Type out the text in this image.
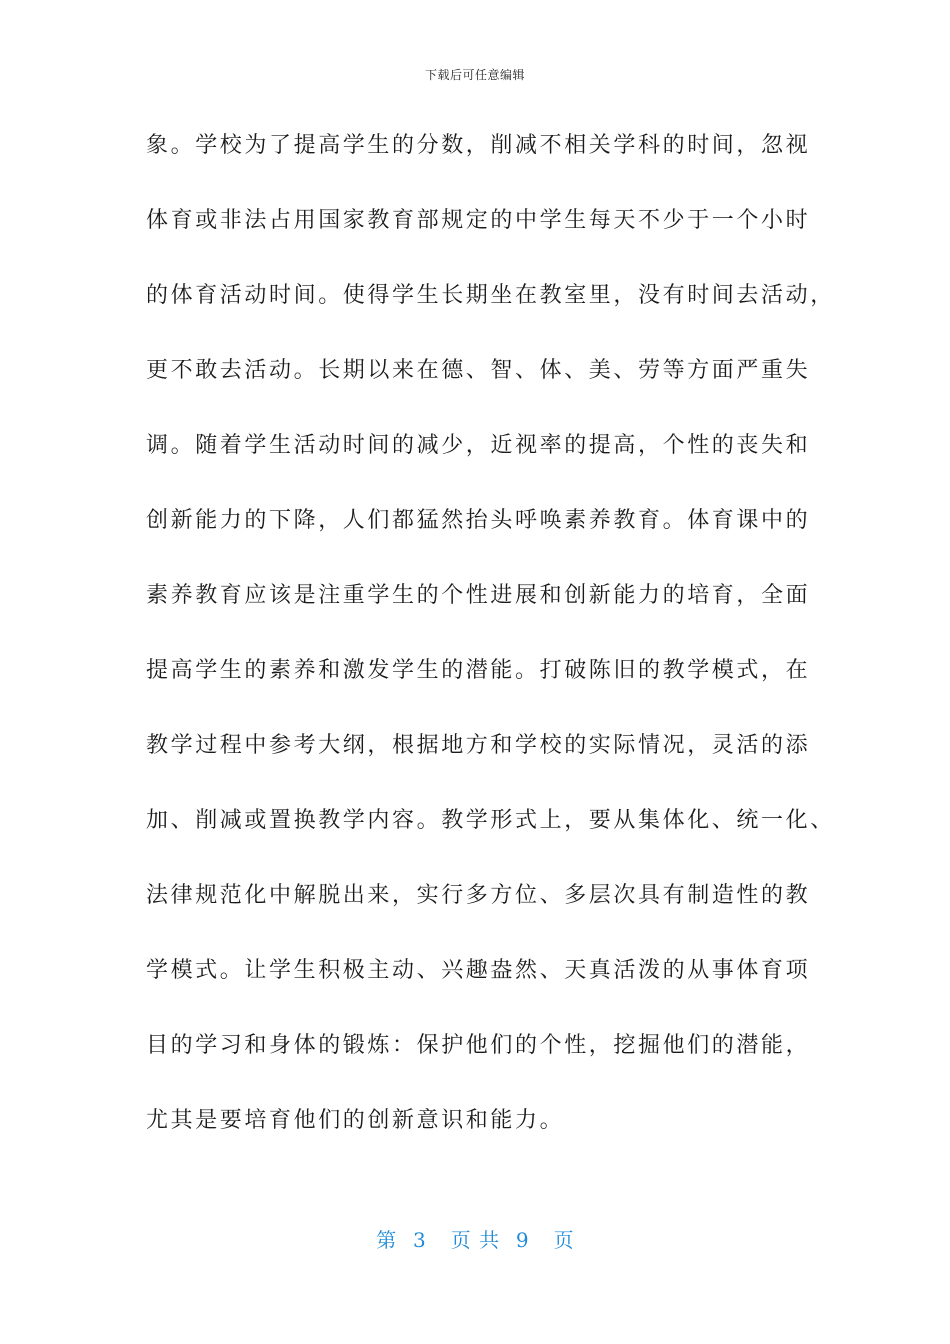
下载后可任意编辑
象。学校为了提高学生的分数，削减不相关学科的时间，忽视
体育或非法占用国家教育部规定的中学生每天不少于一个小时
的体育活动时间。使得学生长期坐在教室里，没有时间去活动，
更不敢去活动。长期以来在德、智、体、美、劳等方面严重失
调。随着学生活动时间的减少，近视率的提高，个性的丧失和
创新能力的下降，人们都猛然抬头呼唤素养教育。体育课中的
素养教育应该是注重学生的个性进展和创新能力的培育，全面
提高学生的素养和激发学生的潜能。打破陈旧的教学模式，在
教学过程中参考大纲，根据地方和学校的实际情况，灵活的添
加、削减或置换教学内容。教学形式上，要从集体化、统一化、
法律规范化中解脱出来，实行多方位、多层次具有制造性的教
学模式。让学生积极主动、兴趣盎然、天真活泼的从事体育项
目的学习和身体的锻炼：保护他们的个性，挖掘他们的潜能，
尤其是要培育他们的创新意识和能力。
第  3   页 共  9   页
